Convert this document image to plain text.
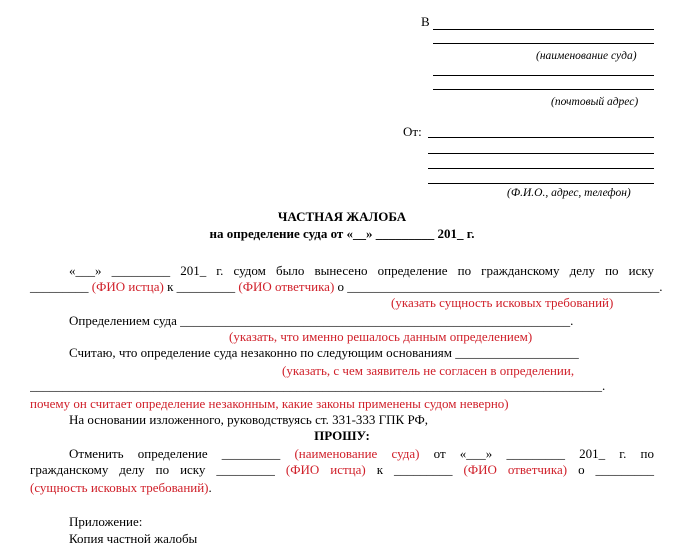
В
(наименование суда)
(почтовый адрес)
От:
(Ф.И.О., адрес, телефон)
ЧАСТНАЯ ЖАЛОБА
на определение суда от «__» _________ 201_ г.
«___» _________ 201_ г. судом было вынесено определение по гражданскому делу по иску
_________ (ФИО истца) к _________ (ФИО ответчика) о ________________________________________________.
(указать сущность исковых требований)
Определением суда ____________________________________________________________.
(указать, что именно решалось данным определением)
Считаю, что определение суда незаконно по следующим основаниям ___________________
(указать, с чем заявитель не согласен в определении,
________________________________________________________________________________________.
почему он считает определение незаконным, какие законы применены судом неверно)
На основании изложенного, руководствуясь ст. 331-333 ГПК РФ,
ПРОШУ:
Отменить определение _________ (наименование суда) от «___» _________ 201_ г. по
гражданскому делу по иску _________ (ФИО истца) к _________ (ФИО ответчика) о _________
(сущность исковых требований).
Приложение:
Копия частной жалобы
